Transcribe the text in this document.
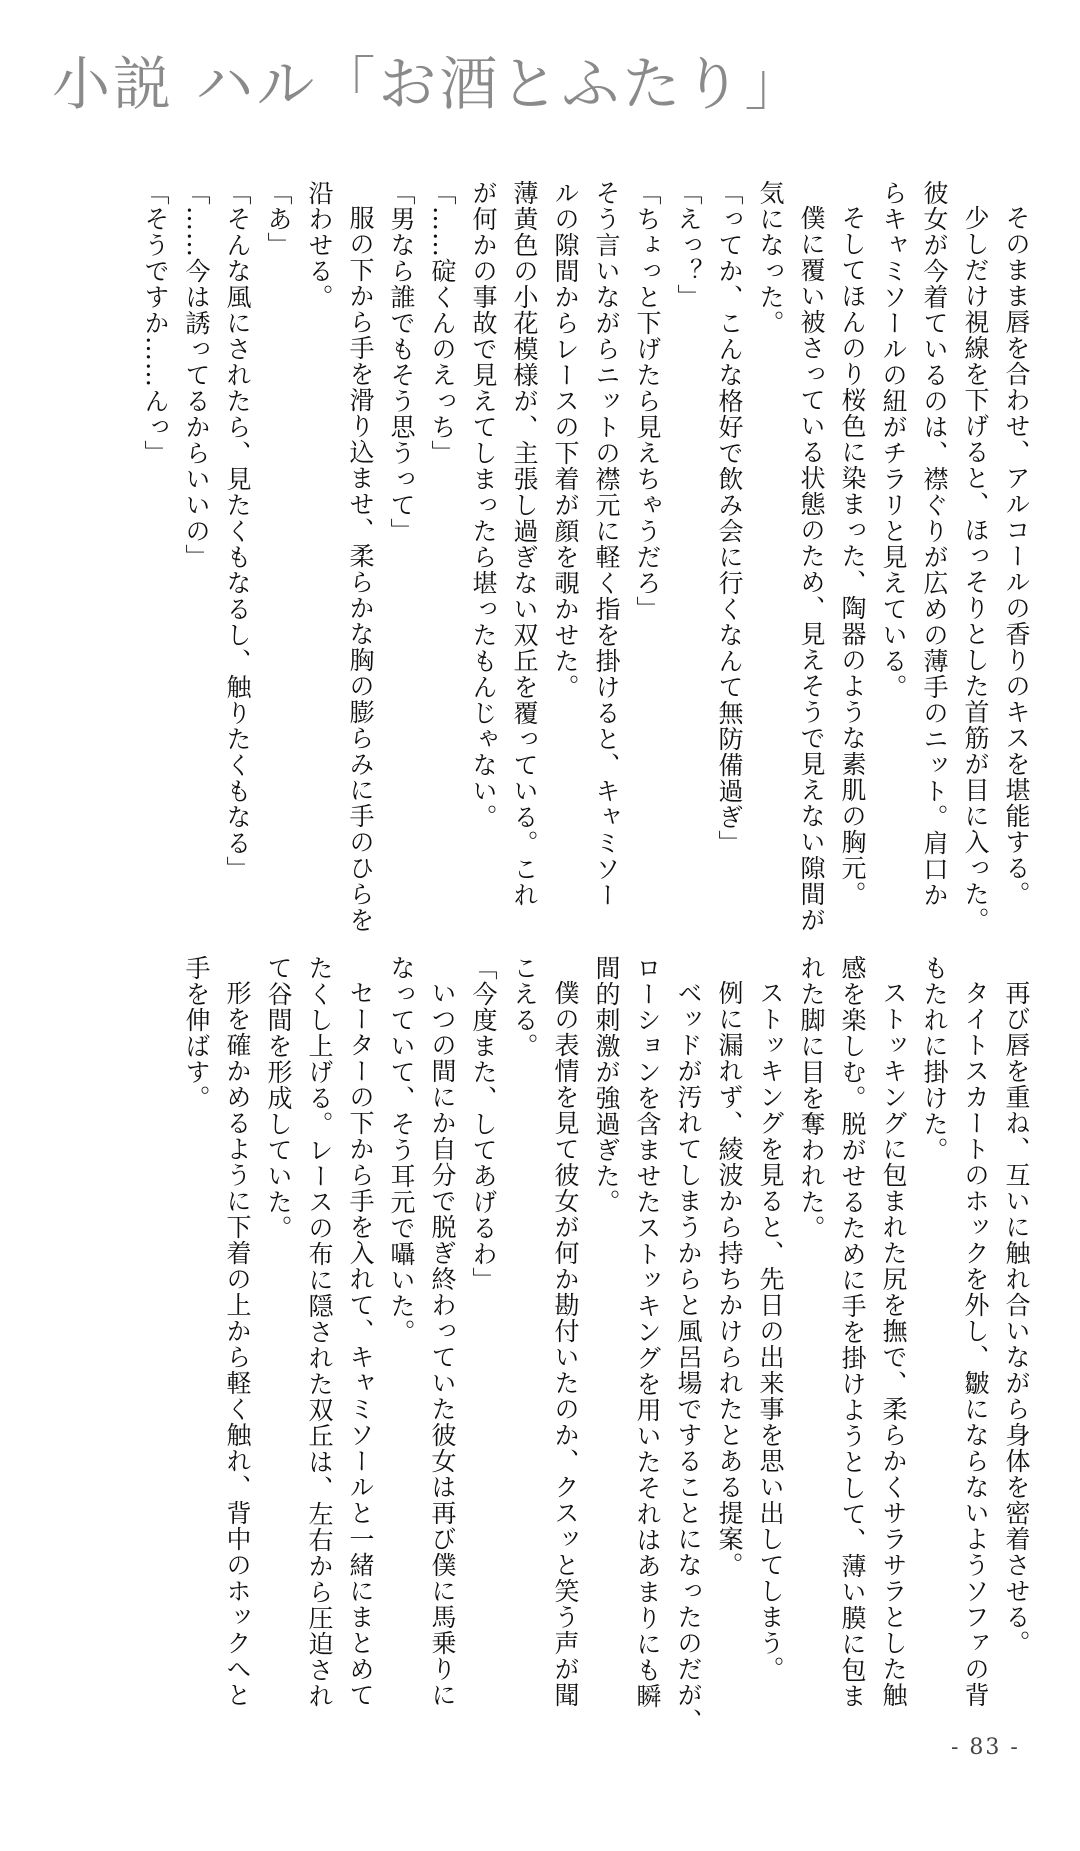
小説 ハル「お酒とふたり」

そのまま唇を合わせ、アルコールの香りのキスを堪能する。

少しだけ視線を下げると、ほっそりとした首筋が目に入った。

彼女が今着ているのは、襟ぐりが広めの薄手のニット。肩口か

らキャミソールの紐がチラリと見えている。

そしてほんのり桜色に染まった、陶器のような素肌の胸元。

僕に覆い被さっている状態のため、見えそうで見えない隙間が

気になった。

「ってか、こんな格好で飲み会に行くなんて無防備過ぎ」

「えっ？」

「ちょっと下げたら見えちゃうだろ」

そう言いながらニットの襟元に軽く指を掛けると、キャミソー

ルの隙間からレースの下着が顔を覗かせた。

薄黄色の小花模様が、主張し過ぎない双丘を覆っている。これ

が何かの事故で見えてしまったら堪ったもんじゃない。

「……碇くんのえっち」

「男なら誰でもそう思うって」

服の下から手を滑り込ませ、柔らかな胸の膨らみに手のひらを

沿わせる。

「あ」

「そんな風にされたら、見たくもなるし、触りたくもなる」

「……今は誘ってるからいいの」

「そうですか……んっ」

再び唇を重ね、互いに触れ合いながら身体を密着させる。

タイトスカートのホックを外し、皺にならないようソファの背

もたれに掛けた。

ストッキングに包まれた尻を撫で、柔らかくサラサラとした触

感を楽しむ。脱がせるために手を掛けようとして、薄い膜に包ま

れた脚に目を奪われた。

ストッキングを見ると、先日の出来事を思い出してしまう。

例に漏れず、綾波から持ちかけられたとある提案。

ベッドが汚れてしまうからと風呂場ですることになったのだが、

ローションを含ませたストッキングを用いたそれはあまりにも瞬

間的刺激が強過ぎた。

僕の表情を見て彼女が何か勘付いたのか、クスッと笑う声が聞

こえる。

「今度また、してあげるわ」

いつの間にか自分で脱ぎ終わっていた彼女は再び僕に馬乗りに

なっていて、そう耳元で囁いた。

セーターの下から手を入れて、キャミソールと一緒にまとめて

たくし上げる。レースの布に隠された双丘は、左右から圧迫され

て谷間を形成していた。

形を確かめるように下着の上から軽く触れ、背中のホックへと

手を伸ばす。

- 83 -
